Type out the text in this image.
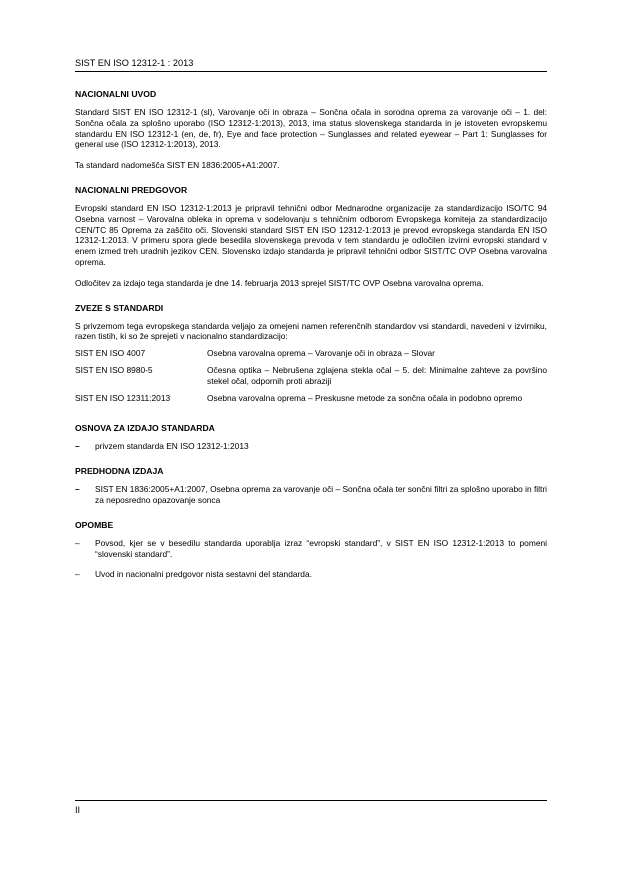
SIST EN ISO 12312-1 : 2013
NACIONALNI UVOD

Standard SIST EN ISO 12312-1 (sl), Varovanje oči in obraza – Sončna očala in sorodna oprema za varovanje oči – 1. del: Sončna očala za splošno uporabo (ISO 12312-1:2013), 2013, ima status slovenskega standarda in je istoveten evropskemu standardu EN ISO 12312-1 (en, de, fr), Eye and face protection – Sunglasses and related eyewear – Part 1: Sunglasses for general use (ISO 12312-1:2013), 2013.

Ta standard nadomešča SIST EN 1836:2005+A1:2007.

NACIONALNI PREDGOVOR

Evropski standard EN ISO 12312-1:2013 je pripravil tehnični odbor Mednarodne organizacije za standardizacijo ISO/TC 94 Osebna varnost – Varovalna obleka in oprema v sodelovanju s tehničnim odborom Evropskega komiteja za standardizacijo CEN/TC 85 Oprema za zaščito oči. Slovenski standard SIST EN ISO 12312-1:2013 je prevod evropskega standarda EN ISO 12312-1:2013. V primeru spora glede besedila slovenskega prevoda v tem standardu je odločilen izvirni evropski standard v enem izmed treh uradnih jezikov CEN. Slovensko izdajo standarda je pripravil tehnični odbor SIST/TC OVP Osebna varovalna oprema.

Odločitev za izdajo tega standarda je dne 14. februarja 2013 sprejel SIST/TC OVP Osebna varovalna oprema.

ZVEZE S STANDARDI

S privzemom tega evropskega standarda veljajo za omejeni namen referenčnih standardov vsi standardi, navedeni v izvirniku, razen tistih, ki so že sprejeti v nacionalno standardizacijo:

SIST EN ISO 4007	Osebna varovalna oprema – Varovanje oči in obraza – Slovar
SIST EN ISO 8980-5	Očesna optika – Nebrušena zglajena stekla očal – 5. del: Minimalne zahteve za površino stekel očal, odpornih proti abraziji
SIST EN ISO 12311:2013	Osebna varovalna oprema – Preskusne metode za sončna očala in podobno opremo
OSNOVA ZA IZDAJO STANDARDA
–	privzem standarda EN ISO 12312-1:2013
PREDHODNA IZDAJA
–	SIST EN 1836:2005+A1:2007, Osebna oprema za varovanje oči – Sončna očala ter sončni filtri za splošno uporabo in filtri za neposredno opazovanje sonca
OPOMBE
–	Povsod, kjer se v besedilu standarda uporablja izraz “evropski standard”, v SIST EN ISO 12312-1:2013 to pomeni “slovenski standard”.
–	Uvod in nacionalni predgovor nista sestavni del standarda.
II
